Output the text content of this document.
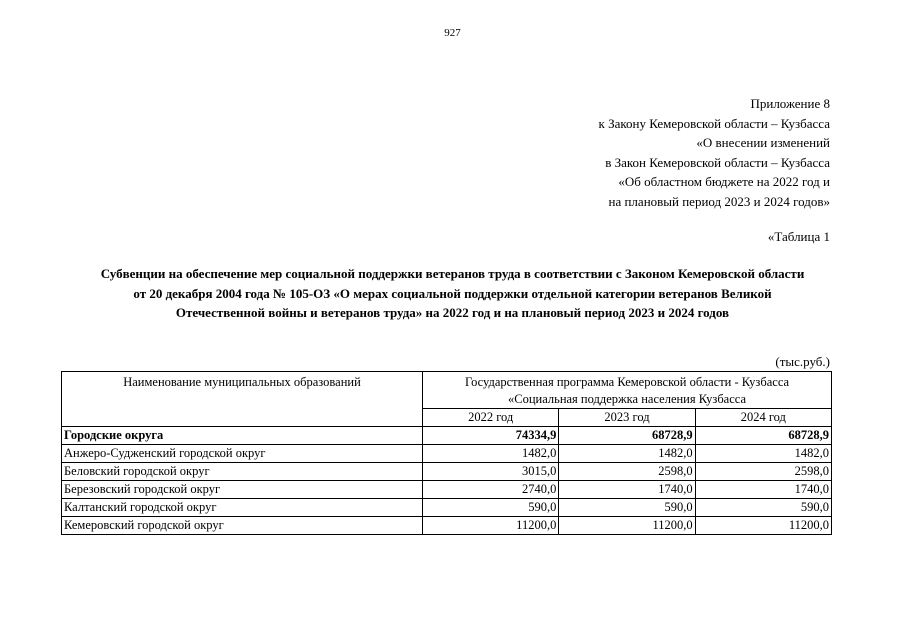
927
Приложение 8
к Закону Кемеровской области – Кузбасса
«О внесении изменений
в Закон Кемеровской области – Кузбасса
«Об областном бюджете на 2022 год и
на плановый период 2023 и 2024 годов»
«Таблица 1
Субвенции на обеспечение мер социальной поддержки ветеранов труда в соответствии с Законом Кемеровской области
от 20 декабря 2004 года № 105-ОЗ «О мерах социальной поддержки отдельной категории ветеранов Великой
Отечественной войны и ветеранов труда» на 2022 год и на плановый период 2023 и 2024 годов
(тыс.руб.)
Наименование муниципальных образований	Государственная программа Кемеровской области - Кузбасса
«Социальная поддержка населения Кузбасса		

	2022 год	2023 год	2024 год
Городские округа	74334,9	68728,9	68728,9
Анжеро-Судженский городской округ	1482,0	1482,0	1482,0
Беловский городской округ	3015,0	2598,0	2598,0
Березовский городской округ	2740,0	1740,0	1740,0
Калтанский городской округ	590,0	590,0	590,0
Кемеровский городской округ	11200,0	11200,0	11200,0
